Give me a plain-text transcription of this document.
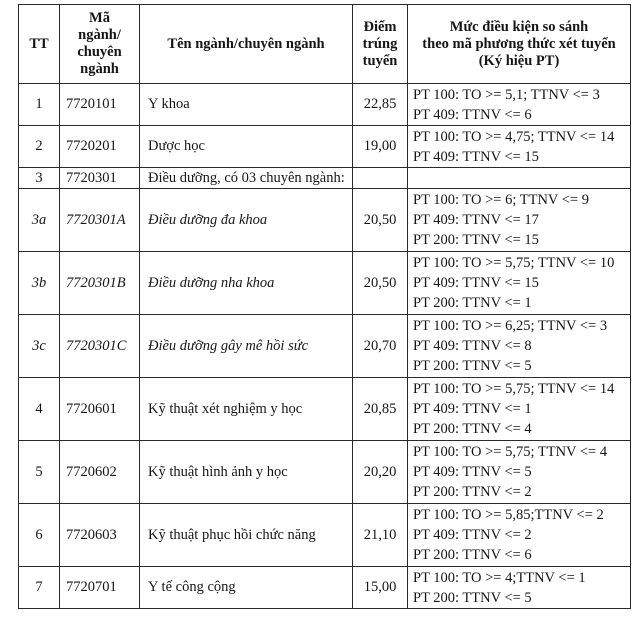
TT	Mã
ngành/
chuyên
ngành	Tên ngành/chuyên ngành	Điểm
trúng
tuyển	Mức điều kiện so sánh
theo mã phương thức xét tuyển
(Ký hiệu PT)

1	7720101	Y khoa	22,85	PT 100: TO >= 5,1; TTNV <= 3
PT 409: TTNV <= 6

2	7720201	Dược học	19,00	PT 100: TO >= 4,75; TTNV <= 14
PT 409: TTNV <= 15

3	7720301	Điều dưỡng, có 03 chuyên ngành:		
3a	7720301A	Điều dưỡng đa khoa	20,50	PT 100: TO >= 6; TTNV <= 9
PT 409: TTNV <= 17
PT 200: TTNV <= 15

3b	7720301B	Điều dưỡng nha khoa	20,50	PT 100: TO >= 5,75; TTNV <= 10
PT 409: TTNV <= 15
PT 200: TTNV <= 1

3c	7720301C	Điều dưỡng gây mê hồi sức	20,70	PT 100: TO >= 6,25; TTNV <= 3
PT 409: TTNV <= 8
PT 200: TTNV <= 5

4	7720601	Kỹ thuật xét nghiệm y học	20,85	PT 100: TO >= 5,75; TTNV <= 14
PT 409: TTNV <= 1
PT 200: TTNV <= 4

5	7720602	Kỹ thuật hình ảnh y học	20,20	PT 100: TO >= 5,75; TTNV <= 4
PT 409: TTNV <= 5
PT 200: TTNV <= 2

6	7720603	Kỹ thuật phục hồi chức năng	21,10	PT 100: TO >= 5,85;TTNV <= 2
PT 409: TTNV <= 2
PT 200: TTNV <= 6

7	7720701	Y tế công cộng	15,00	PT 100: TO >= 4;TTNV <= 1
PT 200: TTNV <= 5
